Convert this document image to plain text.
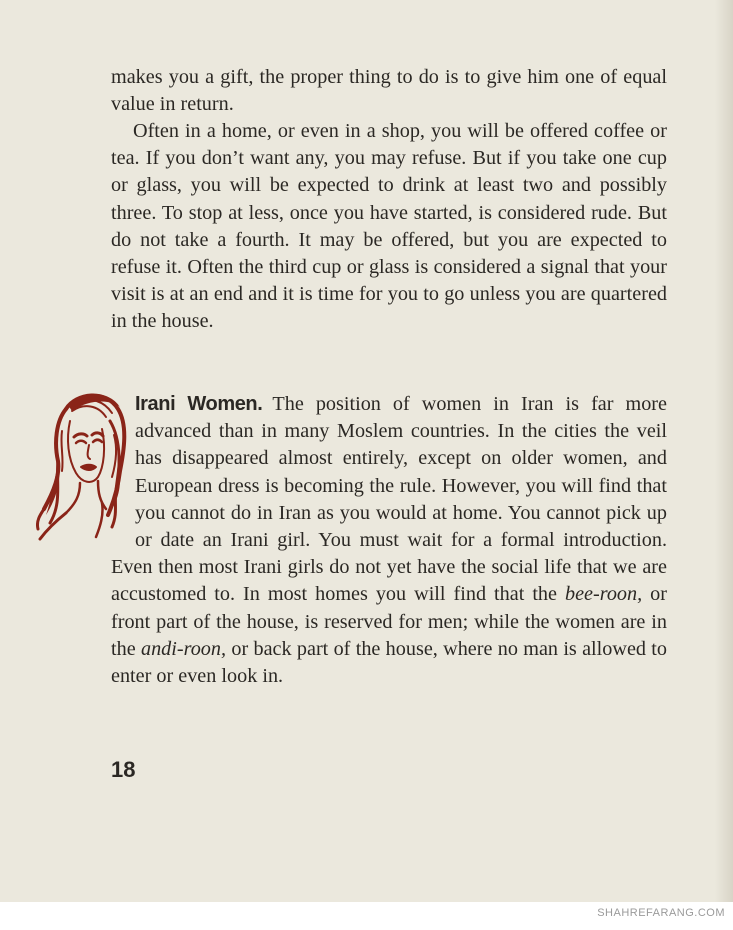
makes you a gift, the proper thing to do is to give him one of equal value in return.

Often in a home, or even in a shop, you will be offered coffee or tea. If you don’t want any, you may refuse. But if you take one cup or glass, you will be expected to drink at least two and possibly three. To stop at less, once you have started, is considered rude. But do not take a fourth. It may be offered, but you are expected to refuse it. Often the third cup or glass is considered a signal that your visit is at an end and it is time for you to go unless you are quartered in the house.

Irani Women. The position of women in Iran is far more advanced than in many Moslem countries. In the cities the veil has disappeared almost entirely, except on older women, and European dress is becoming the rule. However, you will find that you cannot do in Iran as you would at home. You cannot pick up or date an Irani girl. You must wait for a formal introduction. Even then most Irani girls do not yet have the social life that we are accustomed to. In most homes you will find that the bee-roon, or front part of the house, is reserved for men; while the women are in the andi-roon, or back part of the house, where no man is allowed to enter or even look in.
18
SHAHREFARANG.COM
